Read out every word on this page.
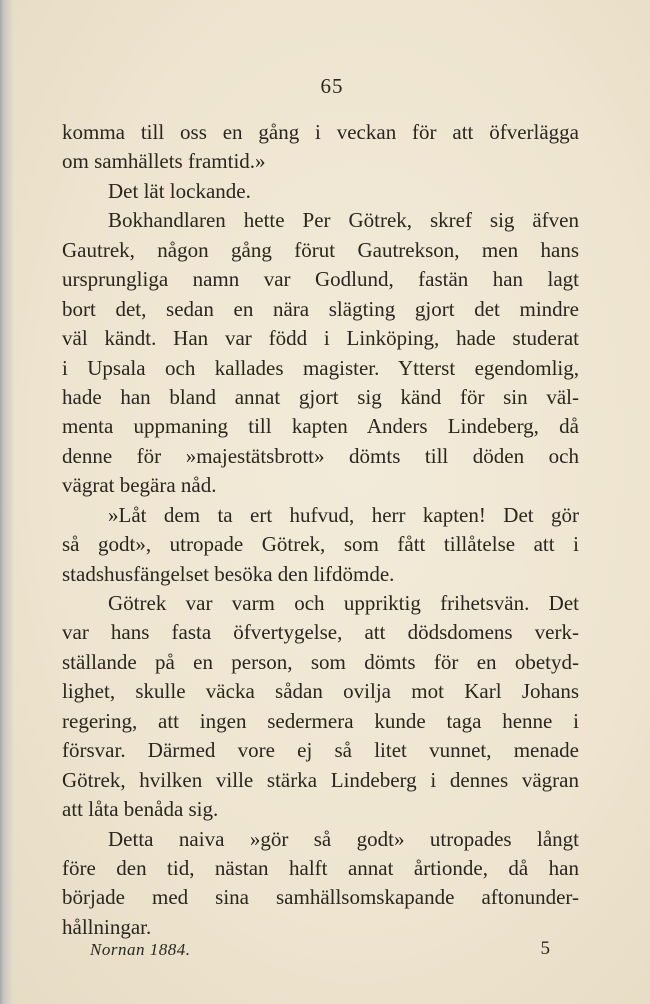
65
komma till oss en gång i veckan för att öfverlägga
om samhällets framtid.»
Det lät lockande.
Bokhandlaren hette Per Götrek, skref sig äfven
Gautrek, någon gång förut Gautrekson, men hans
ursprungliga namn var Godlund, fastän han lagt
bort det, sedan en nära slägting gjort det mindre
väl kändt. Han var född i Linköping, hade studerat
i Upsala och kallades magister. Ytterst egendomlig,
hade han bland annat gjort sig känd för sin väl-
menta uppmaning till kapten Anders Lindeberg, då
denne för »majestätsbrott» dömts till döden och
vägrat begära nåd.
»Låt dem ta ert hufvud, herr kapten! Det gör
så godt», utropade Götrek, som fått tillåtelse att i
stadshusfängelset besöka den lifdömde.
Götrek var varm och uppriktig frihetsvän. Det
var hans fasta öfvertygelse, att dödsdomens verk-
ställande på en person, som dömts för en obetyd-
lighet, skulle väcka sådan ovilja mot Karl Johans
regering, att ingen sedermera kunde taga henne i
försvar. Därmed vore ej så litet vunnet, menade
Götrek, hvilken ville stärka Lindeberg i dennes vägran
att låta benåda sig.
Detta naiva »gör så godt» utropades långt
före den tid, nästan halft annat årtionde, då han
började med sina samhällsomskapande aftonunder-
hållningar.
Nornan 1884.	5
